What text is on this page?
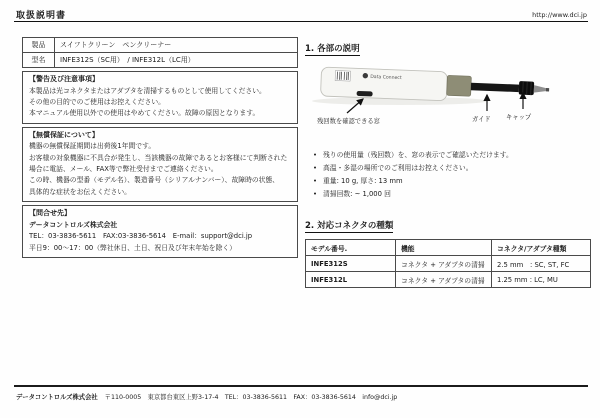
取扱説明書	http://www.dci.jp
製品	スイフトクリーン　ペンクリーナー
型名	INFE312S（SC用）　/ INFE312L（LC用）
【警告及び注意事項】
本製品は光コネクタまたはアダプタを清掃するものとして使用してください。
その他の目的でのご使用はお控えください。
本マニュアル使用以外での使用はやめてください。故障の原因となります。
【無償保証について】
機器の無償保証期間は出荷後1年間です。
お客様の対象機器に不具合が発生し、当該機器の故障であるとお客様にて判断された
場合に電話、メール、FAX等で弊社受付までご連絡ください。
この時、機器の型番（モデル名）、製造番号（シリアルナンバー）、故障時の状態、
具体的な症状をお伝えください。
【問合せ先】
データコントロルズ株式会社
TEL：03-3836-5611　FAX:03-3836-5614　E-mail：support@dci.jp
平日9：00～17：00（弊社休日、土日、祝日及び年末年始を除く）
1. 各部の説明
Data Connect
残回数を確認できる窓	ガイド キャップ
• 残りの使用量（残回数）を、窓の表示でご確認いただけます。
• 高温・多湿の場所でのご利用はお控えください。
• 重量: 10 g, 厚さ: 13 mm
• 清掃回数: ~ 1,000 回
2. 対応コネクタの種類
モデル番号.	機能	コネクタ/アダプタ種類
INFE312S	コネクタ + アダプタの清掃	2.5 mm　: SC, ST, FC
INFE312L	コネクタ + アダプタの清掃	1.25 mm : LC, MU
データコントロルズ株式会社 〒110-0005　東京都台東区上野3-17-4　TEL：03-3836-5611　FAX：03-3836-5614　info@dci.jp
